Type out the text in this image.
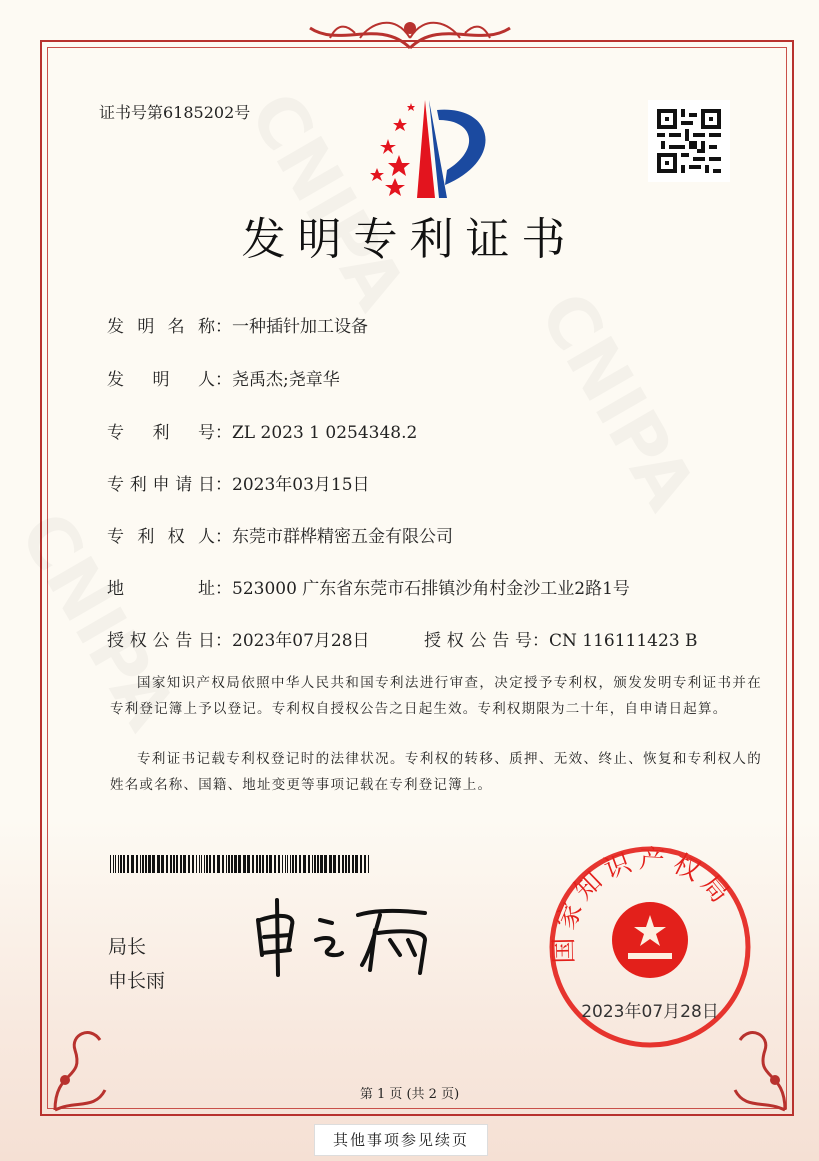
证书号第6185202号
发明专利证书
发明名称：一种插针加工设备
发明人：尧禹杰;尧章华
专利号：ZL 2023 1 0254348.2
专利申请日：2023年03月15日
专利权人：东莞市群桦精密五金有限公司
地址：523000 广东省东莞市石排镇沙角村金沙工业2路1号
授权公告日：2023年07月28日	授权公告号：CN 116111423 B
国家知识产权局依照中华人民共和国专利法进行审查，决定授予专利权，颁发发明专利证书并在专利登记簿上予以登记。专利权自授权公告之日起生效。专利权期限为二十年，自申请日起算。
专利证书记载专利权登记时的法律状况。专利权的转移、质押、无效、终止、恢复和专利权人的姓名或名称、国籍、地址变更等事项记载在专利登记簿上。
局长
申长雨
国家知识产权局
2023年07月28日
第 1 页 (共 2 页)
其他事项参见续页
